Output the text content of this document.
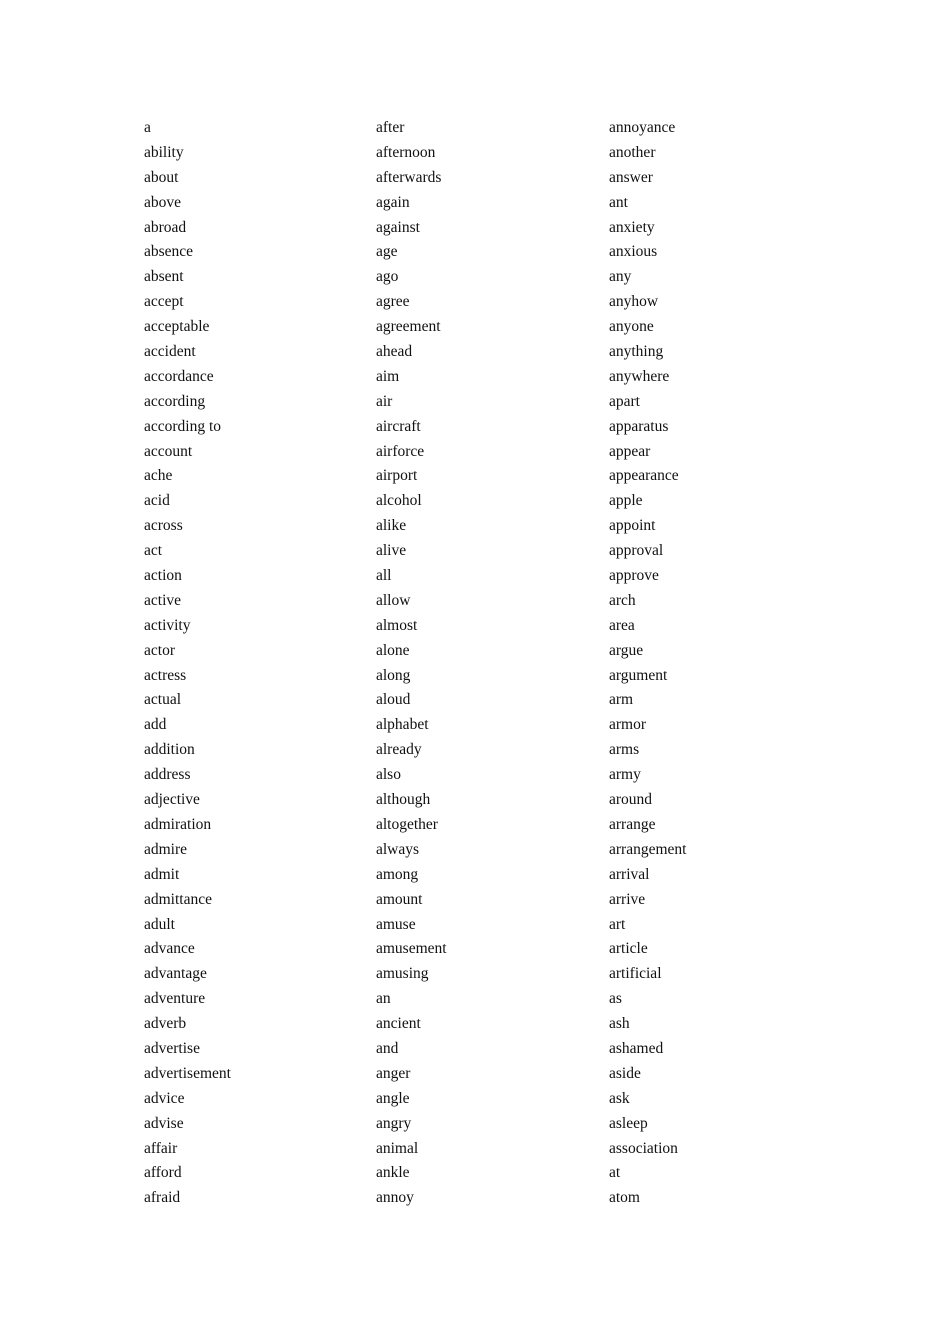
a
ability
about
above
abroad
absence
absent
accept
acceptable
accident
accordance
according
according to
account
ache
acid
across
act
action
active
activity
actor
actress
actual
add
addition
address
adjective
admiration
admire
admit
admittance
adult
advance
advantage
adventure
adverb
advertise
advertisement
advice
advise
affair
afford
afraid
after
afternoon
afterwards
again
against
age
ago
agree
agreement
ahead
aim
air
aircraft
airforce
airport
alcohol
alike
alive
all
allow
almost
alone
along
aloud
alphabet
already
also
although
altogether
always
among
amount
amuse
amusement
amusing
an
ancient
and
anger
angle
angry
animal
ankle
annoy
annoyance
another
answer
ant
anxiety
anxious
any
anyhow
anyone
anything
anywhere
apart
apparatus
appear
appearance
apple
appoint
approval
approve
arch
area
argue
argument
arm
armor
arms
army
around
arrange
arrangement
arrival
arrive
art
article
artificial
as
ash
ashamed
aside
ask
asleep
association
at
atom
